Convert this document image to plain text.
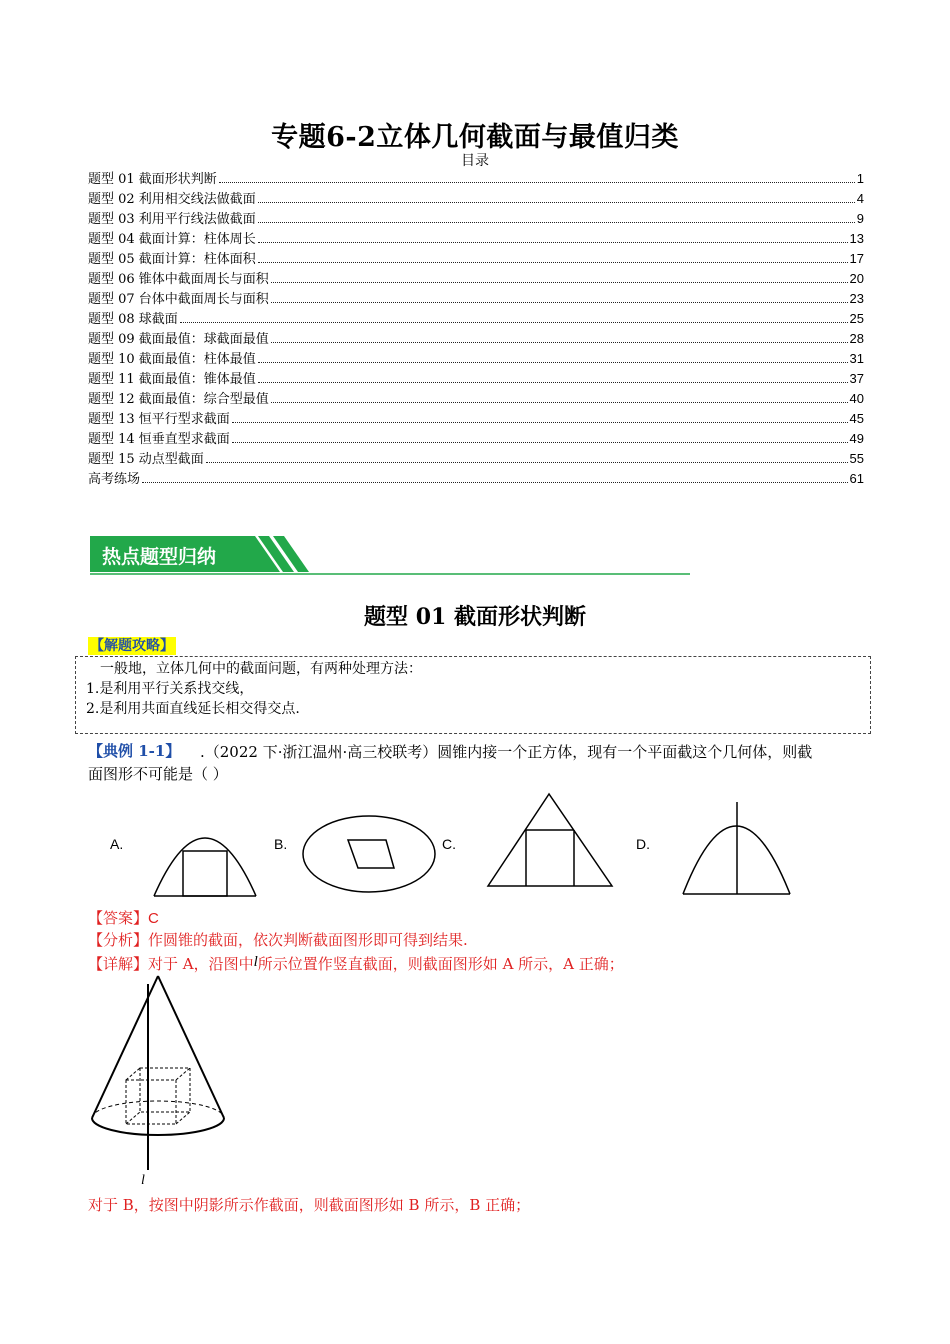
专题6-2立体几何截面与最值归类
目录
题型 01 截面形状判断	1
题型 02 利用相交线法做截面	4
题型 03 利用平行线法做截面	9
题型 04 截面计算：柱体周长	13
题型 05 截面计算：柱体面积	17
题型 06 锥体中截面周长与面积	20
题型 07 台体中截面周长与面积	23
题型 08 球截面	25
题型 09 截面最值：球截面最值	28
题型 10 截面最值：柱体最值	31
题型 11 截面最值：锥体最值	37
题型 12 截面最值：综合型最值	40
题型 13 恒平行型求截面	45
题型 14 恒垂直型求截面	49
题型 15 动点型截面	55
高考练场	61
热点题型归纳
题型 01 截面形状判断
【解题攻略】
一般地，立体几何中的截面问题，有两种处理方法：
1.是利用平行关系找交线，
2.是利用共面直线延长相交得交点.
【典例 1-1】 .（2022 下·浙江温州·高三校联考）圆锥内接一个正方体，现有一个平面截这个几何体，则截
面图形不可能是（ ）
A.	B.	C.	D.
【答案】C
【分析】作圆锥的截面，依次判断截面图形即可得到结果.
【详解】对于 A，沿图中l所示位置作竖直截面，则截面图形如 A 所示，A 正确；
l
对于 B，按图中阴影所示作截面，则截面图形如 B 所示，B 正确；
